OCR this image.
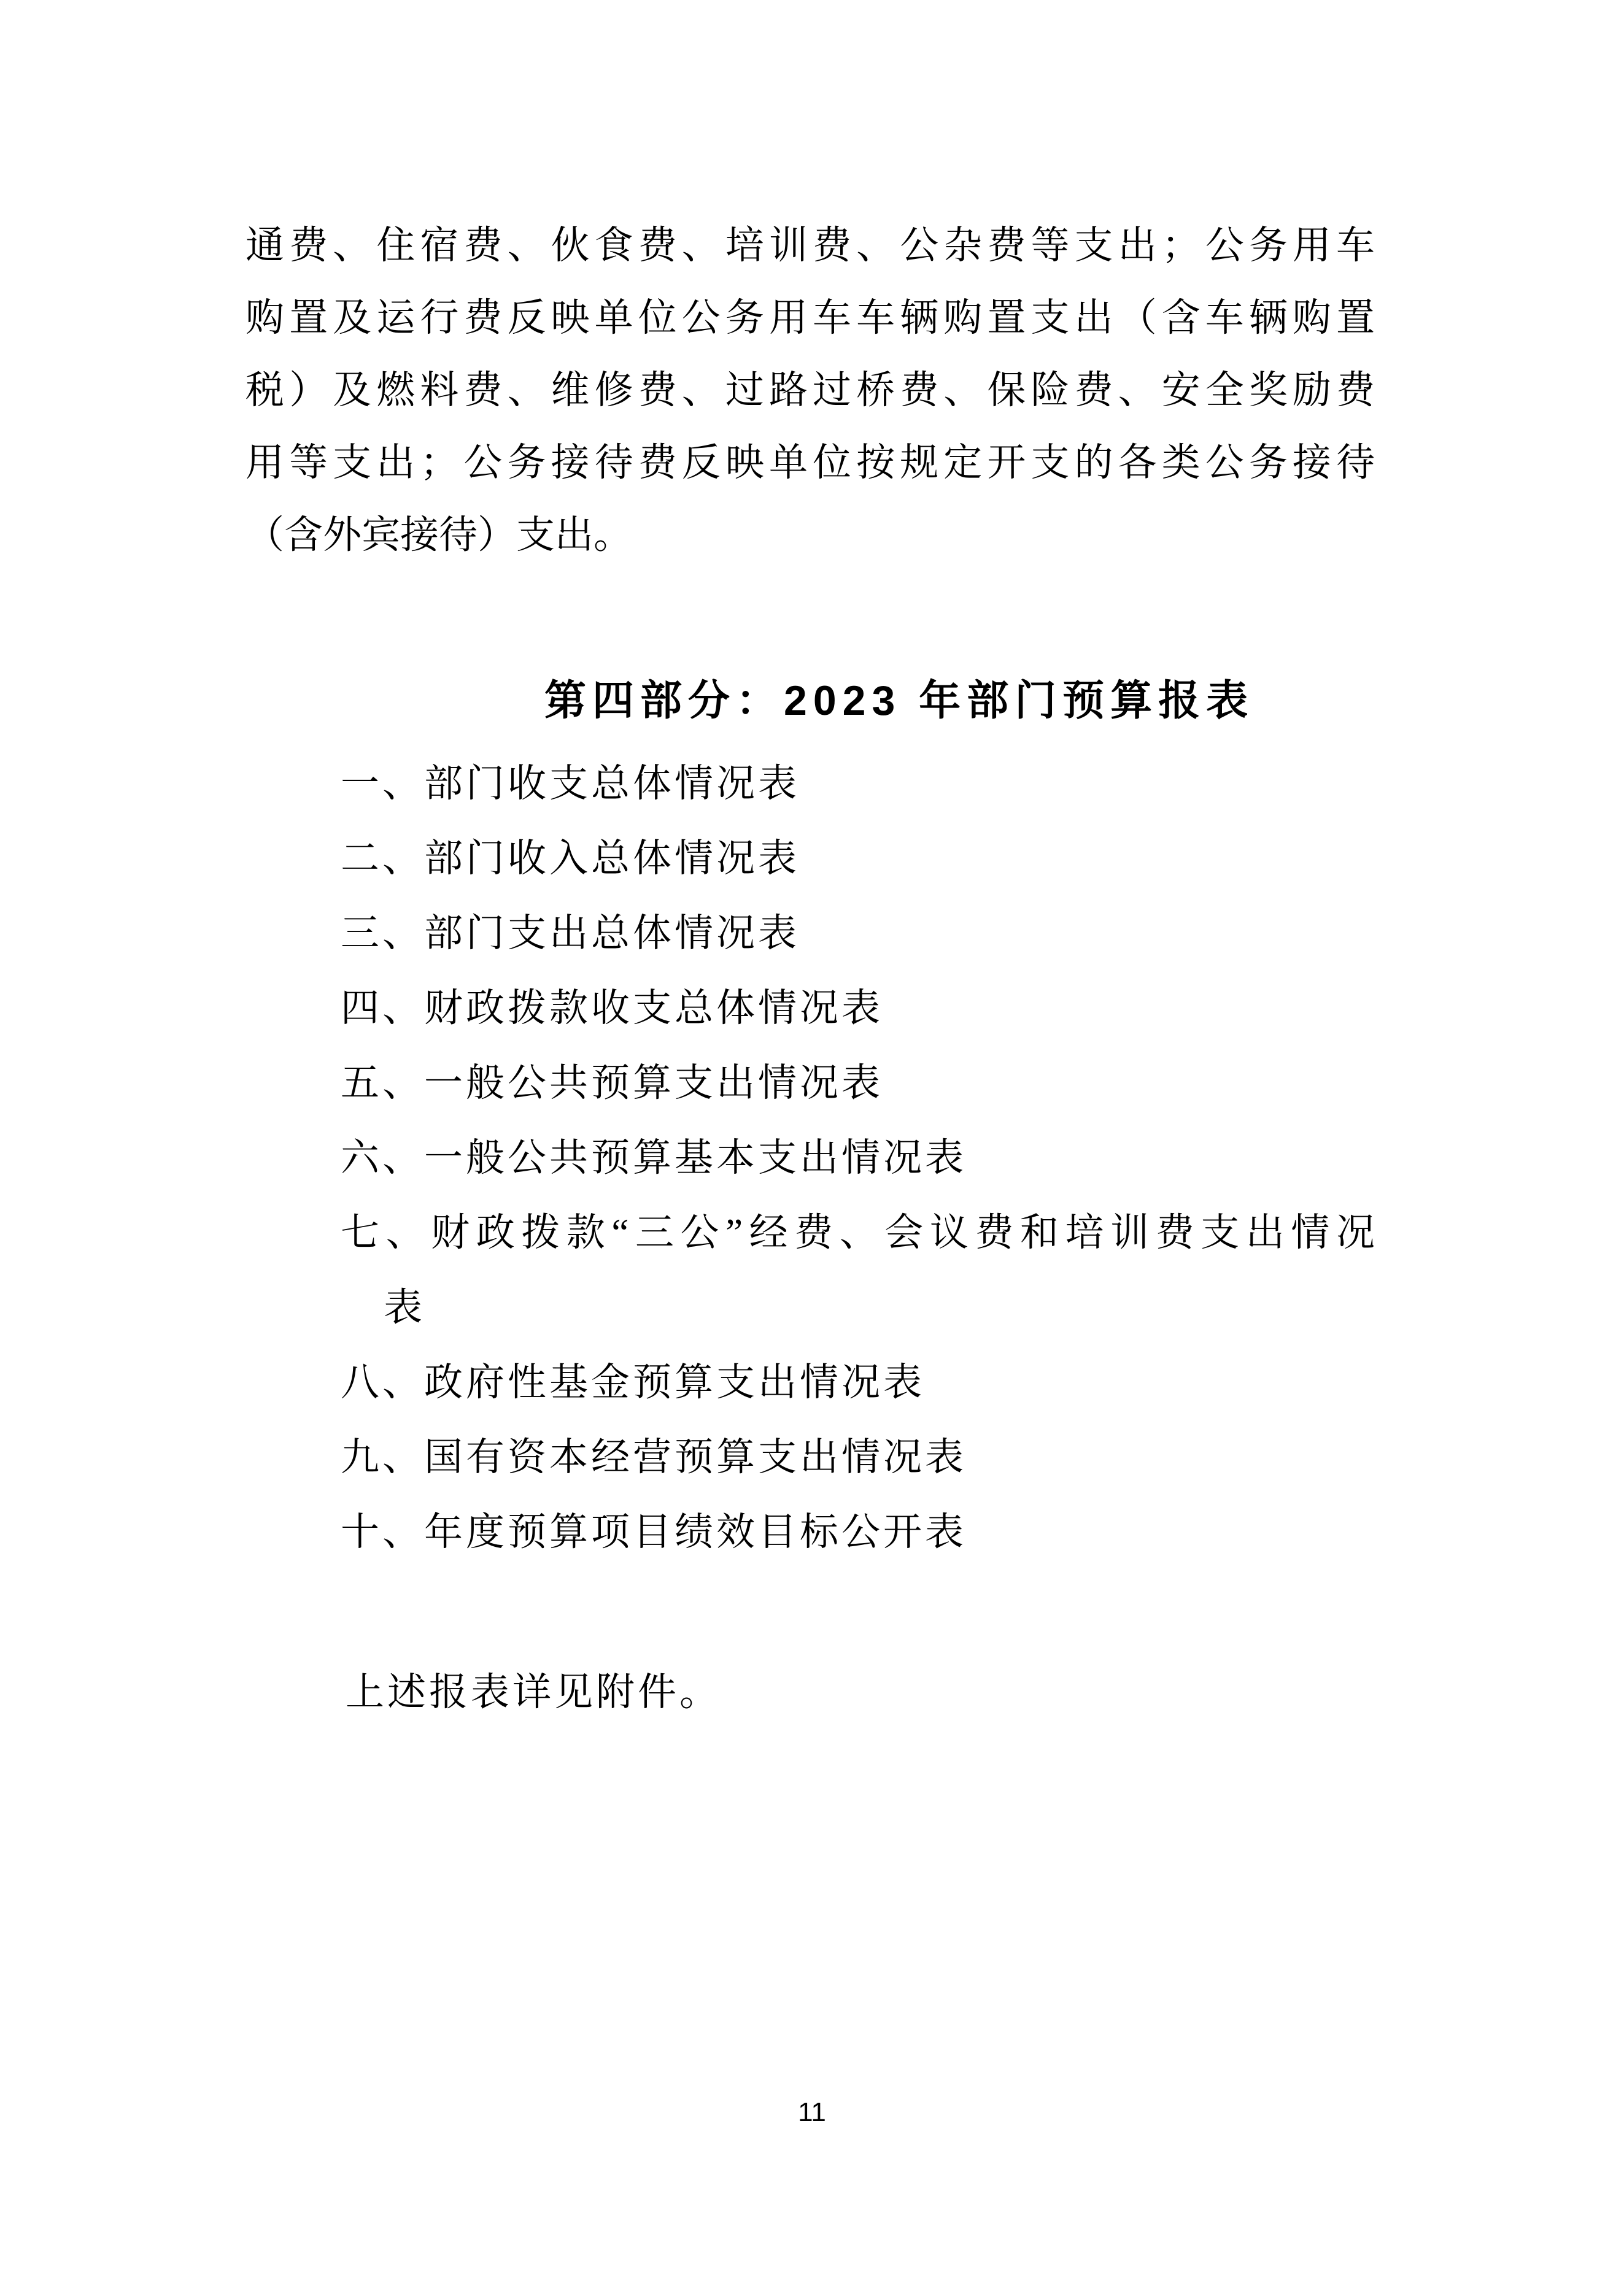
通费、住宿费、伙食费、培训费、公杂费等支出；公务用车
购置及运行费反映单位公务用车车辆购置支出（含车辆购置
税）及燃料费、维修费、过路过桥费、保险费、安全奖励费
用等支出；公务接待费反映单位按规定开支的各类公务接待
（含外宾接待）支出。
第四部分：2023 年部门预算报表
一、部门收支总体情况表
二、部门收入总体情况表
三、部门支出总体情况表
四、财政拨款收支总体情况表
五、一般公共预算支出情况表
六、一般公共预算基本支出情况表
七、财政拨款“三公”经费、会议费和培训费支出情况
表
八、政府性基金预算支出情况表
九、国有资本经营预算支出情况表
十、年度预算项目绩效目标公开表
上述报表详见附件。
11
